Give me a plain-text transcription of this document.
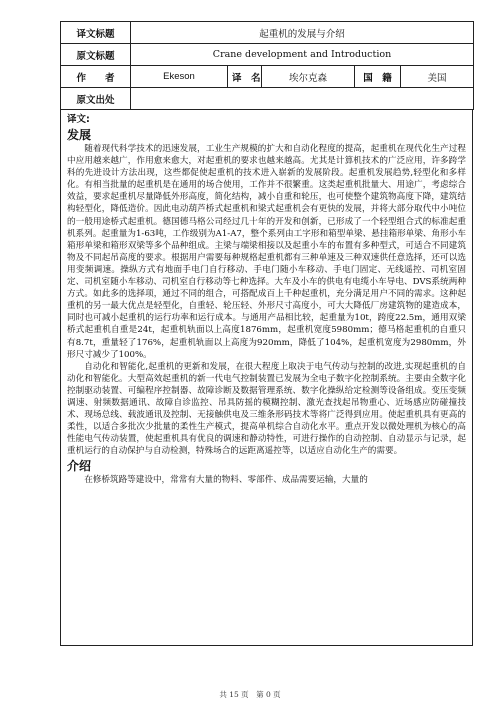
译文标题	起重机的发展与介绍				
原文标题	Crane development and Introduction				
作　　者	Ekeson	译　名	埃尔克森	国　籍	美国
原文出处					

译文:

发展

随着现代科学技术的迅速发展，工业生产规模的扩大和自动化程度的提高，起重机在现代化生产过程中应用越来越广，作用愈来愈大，对起重机的要求也越来越高。尤其是计算机技术的广泛应用，许多跨学科的先进设计方法出现，这些都促使起重机的技术进入崭新的发展阶段。起重机发展趋势,轻型化和多样化。有相当批量的起重机是在通用的场合使用，工作并不很繁重。这类起重机批量大、用途广，考虑综合效益，要求起重机尽量降低外形高度，简化结构，减小自重和轮压，也可使整个建筑物高度下降，建筑结构轻型化，降低造价。因此电动葫芦桥式起重机和梁式起重机会有更快的发展，并将大部分取代中小吨位的一般用途桥式起重机。德国德马格公司经过几十年的开发和创新，已形成了一个轻型组合式的标准起重机系列。起重量为1-63吨，工作级别为A1-A7，整个系列由工字形和箱型单梁、悬挂箱形单梁、角形小车箱形单梁和箱形双梁等多个品种组成。主梁与端梁相接以及起重小车的布置有多种型式，可适合不同建筑物及不同起吊高度的要求。根据用户需要每种规格起重机都有三种单速及三种双速供任意选择，还可以选用变频调速。操纵方式有地面手电门自行移动、手电门随小车移动、手电门固定、无线遥控、司机室固定、司机室随小车移动、司机室自行移动等七种选择。大车及小车的供电有电缆小车导电、DVS系统两种方式。如此多的选择项，通过不同的组合，可搭配成百上千种起重机，充分满足用户不同的需求。这种起重机的另一最大优点是轻型化，自重轻、轮压轻、外形尺寸高度小，可大大降低厂房建筑物的建造成本，同时也可减小起重机的运行功率和运行成本。与通用产品相比较，起重量为10t，跨度22.5m，通用双梁桥式起重机自重是24t，起重机轨面以上高度1876mm，起重机宽度5980mm；德马格起重机的自重只有8.7t，重量轻了176%，起重机轨面以上高度为920mm，降低了104%，起重机宽度为2980mm，外形尺寸减少了100%。

自动化和智能化,起重机的更新和发展，在很大程度上取决于电气传动与控制的改进,实现起重机的自动化和智能化。大型高效起重机的新一代电气控制装置已发展为全电子数字化控制系统。主要由全数字化控制驱动装置、可编程序控制器、故障诊断及数据管理系统、数字化操纵给定检测等设备组成。变压变频调速、射频数据通讯、故障自诊监控、吊具防摇的模糊控制、激光查找起吊物重心、近场感应防碰撞技术、现场总线、载波通讯及控制、无接触供电及三维条形码技术等将广泛得到应用。使起重机具有更高的柔性，以适合多批次少批量的柔性生产模式，提高单机综合自动化水平。重点开发以微处理机为核心的高性能电气传动装置，使起重机具有优良的调速和静动特性，可进行操作的自动控制、自动显示与记录，起重机运行的自动保护与自动检测，特殊场合的远距离遥控等，以适应自动化生产的需要。

介绍

在修桥筑路等建设中，常常有大量的物料、零部件、成品需要运输，大量的

共 15 页　第 0 页
